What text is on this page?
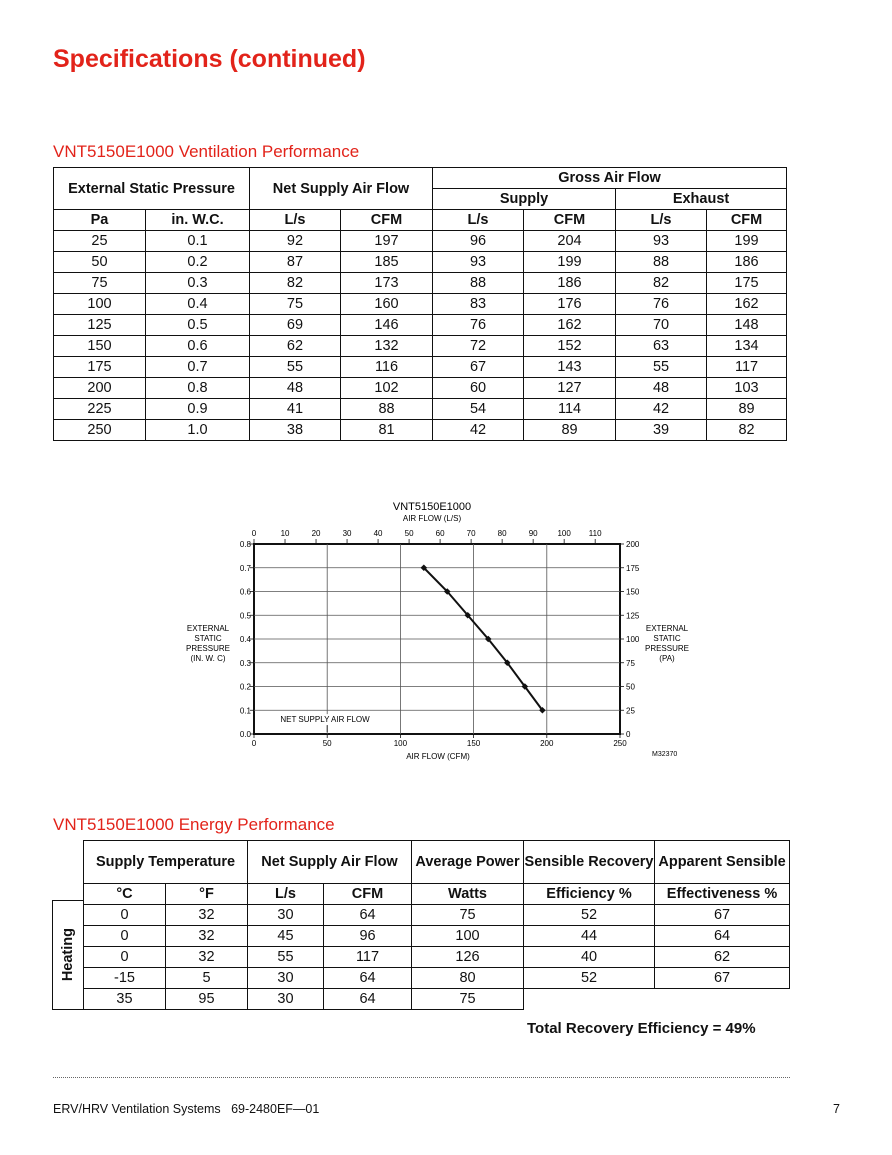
Specifications (continued)
VNT5150E1000 Ventilation Performance
External Static Pressure		Net Supply Air Flow		Gross Air Flow			
				Supply		Exhaust	
Pa	in. W.C.	L/s	CFM	L/s	CFM	L/s	CFM
25	0.1	92	197	96	204	93	199
50	0.2	87	185	93	199	88	186
75	0.3	82	173	88	186	82	175
100	0.4	75	160	83	176	76	162
125	0.5	69	146	76	162	70	148
150	0.6	62	132	72	152	63	134
175	0.7	55	116	67	143	55	117
200	0.8	48	102	60	127	48	103
225	0.9	41	88	54	114	42	89
250	1.0	38	81	42	89	39	82
VNT5150E1000
AIR FLOW (L/S)
0	50	100	150	200	250
0.0
0.1
0.2
0.3
0.4
0.5
0.6
0.7
0.8
0
25
50
75
100
125
150
175
200
0	10	20	30	40	50	60	70	80	90 100 110
NET SUPPLY AIR FLOW
EXTERNAL
STATIC
PRESSURE
(IN. W. C)
EXTERNAL
STATIC
PRESSURE
(PA)
AIR FLOW (CFM)	M32370
VNT5150E1000 Energy Performance
Supply Temperature		Net Supply Air Flow		Average Power	Sensible Recovery	Apparent Sensible
°C	°F	L/s	CFM	Watts	Efficiency %	Effectiveness %
0	32	30	64	75	52	67
0	32	45	96	100	44	64
0	32	55	117	126	40	62
-15	5	30	64	80	52	67
35	95	30	64	75		
Heating
Total Recovery Efficiency = 49%
ERV/HRV Ventilation Systems   69-2480EF—01	7
